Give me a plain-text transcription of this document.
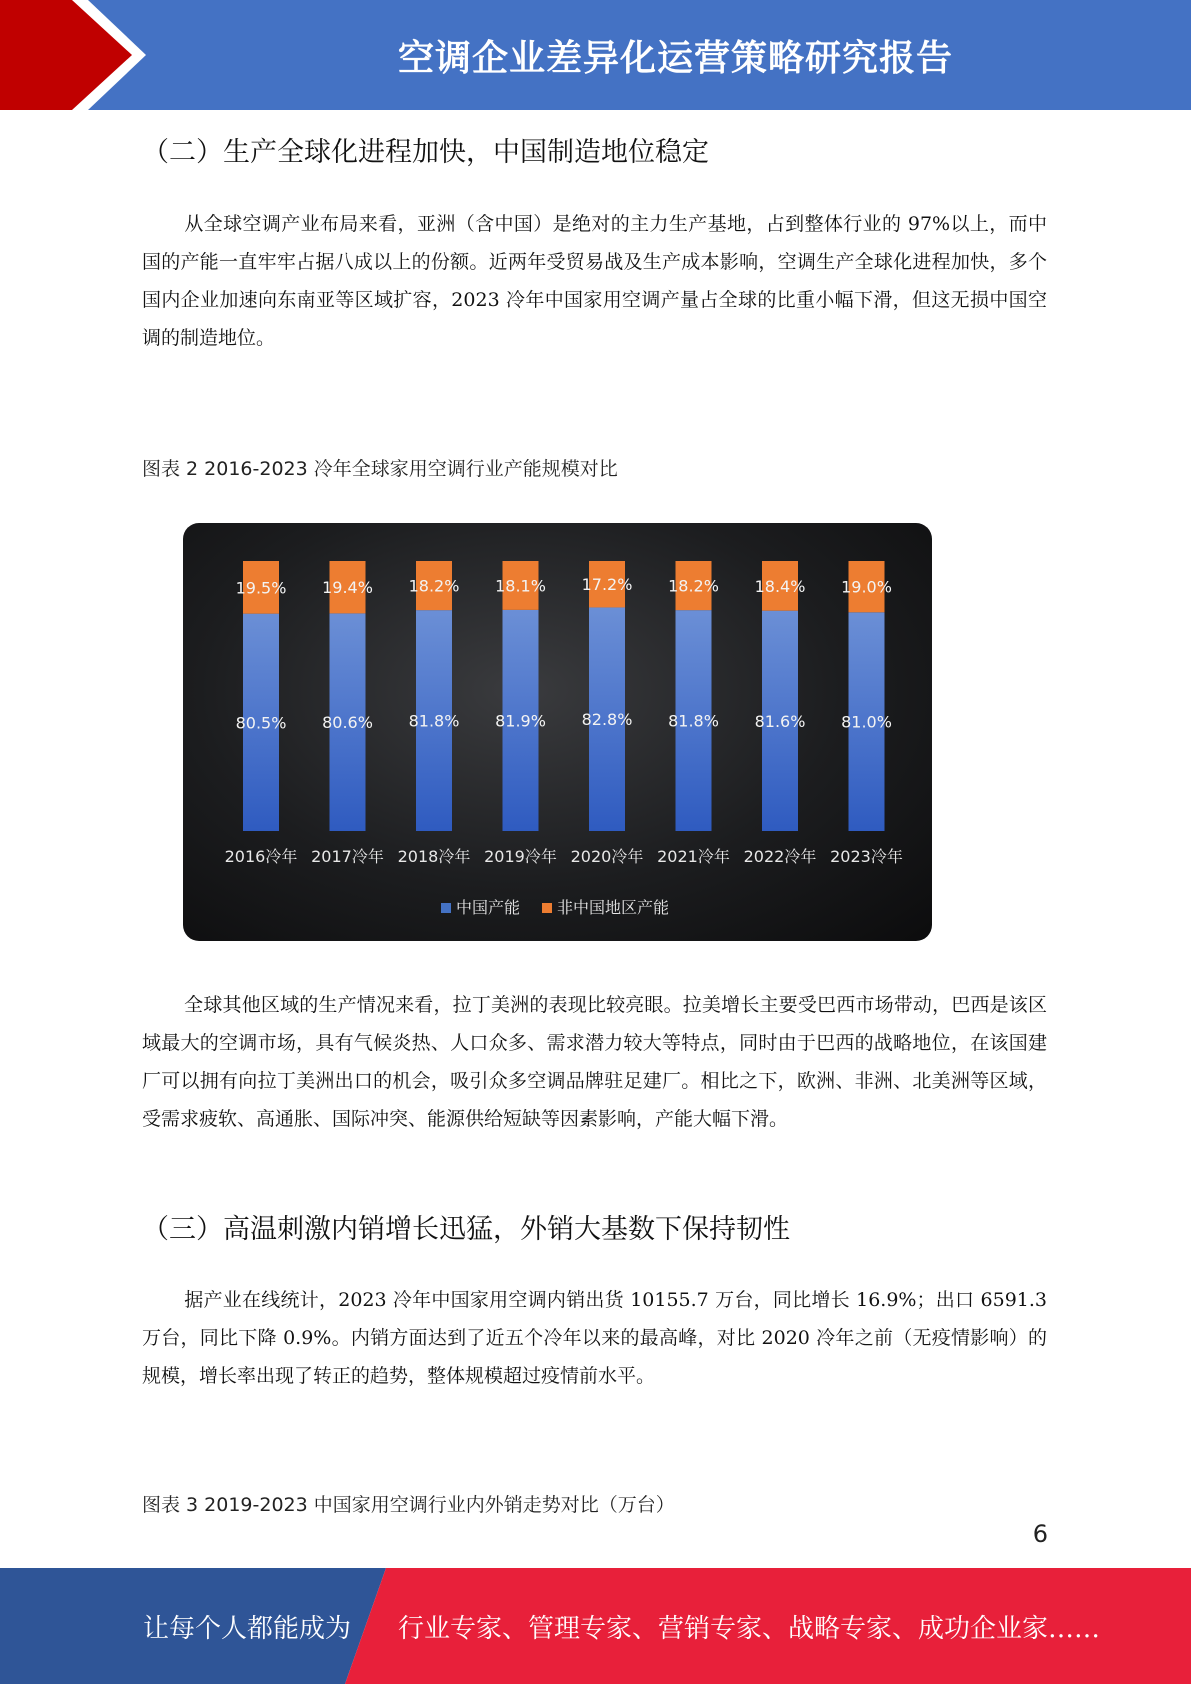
空调企业差异化运营策略研究报告
（二）生产全球化进程加快，中国制造地位稳定
从全球空调产业布局来看，亚洲（含中国）是绝对的主力生产基地，占到整体行业的 97%以上，而中国的产能一直牢牢占据八成以上的份额。近两年受贸易战及生产成本影响，空调生产全球化进程加快，多个国内企业加速向东南亚等区域扩容，2023 冷年中国家用空调产量占全球的比重小幅下滑，但这无损中国空调的制造地位。
图表 2 2016-2023 冷年全球家用空调行业产能规模对比
19.5%
80.5%
2016冷年
19.4%
80.6%
2017冷年
18.2%
81.8%
2018冷年
18.1%
81.9%
2019冷年
17.2%
82.8%
2020冷年
18.2%
81.8%
2021冷年
18.4%
81.6%
2022冷年
19.0%
81.0%
2023冷年
中国产能 非中国地区产能
全球其他区域的生产情况来看，拉丁美洲的表现比较亮眼。拉美增长主要受巴西市场带动，巴西是该区域最大的空调市场，具有气候炎热、人口众多、需求潜力较大等特点，同时由于巴西的战略地位，在该国建厂可以拥有向拉丁美洲出口的机会，吸引众多空调品牌驻足建厂。相比之下，欧洲、非洲、北美洲等区域，受需求疲软、高通胀、国际冲突、能源供给短缺等因素影响，产能大幅下滑。
（三）高温刺激内销增长迅猛，外销大基数下保持韧性
据产业在线统计，2023 冷年中国家用空调内销出货 10155.7 万台，同比增长 16.9%；出口 6591.3 万台，同比下降 0.9%。内销方面达到了近五个冷年以来的最高峰，对比 2020 冷年之前（无疫情影响）的规模，增长率出现了转正的趋势，整体规模超过疫情前水平。
图表 3 2019-2023 中国家用空调行业内外销走势对比（万台）
6
让每个人都能成为 行业专家、管理专家、营销专家、战略专家、成功企业家……
